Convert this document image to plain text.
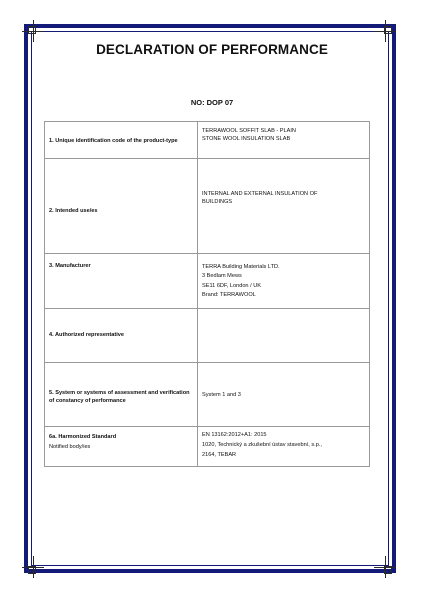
DECLARATION OF PERFORMANCE
NO: DOP 07
1. Unique identification code of the product-type	TERRAWOOL SOFFIT SLAB - PLAIN
STONE WOOL INSULATION SLAB

2. Intended use/es	INTERNAL AND EXTERNAL INSULATION OF
BUILDINGS

3. Manufacturer	TERRA Building Materials LTD.
3 Bedlam Mews
SE11 6DF, London / UK
Brand: TERRAWOOL

4. Authorized representative	

5. System or systems of assessment and verification of constancy of performance	System 1 and 3

6a. Harmonized Standard
Notified body/ies	EN 13162:2012+A1: 2015
1020, Technický a zkušební ústav stavební, s.p.,
2164, TEBAR
